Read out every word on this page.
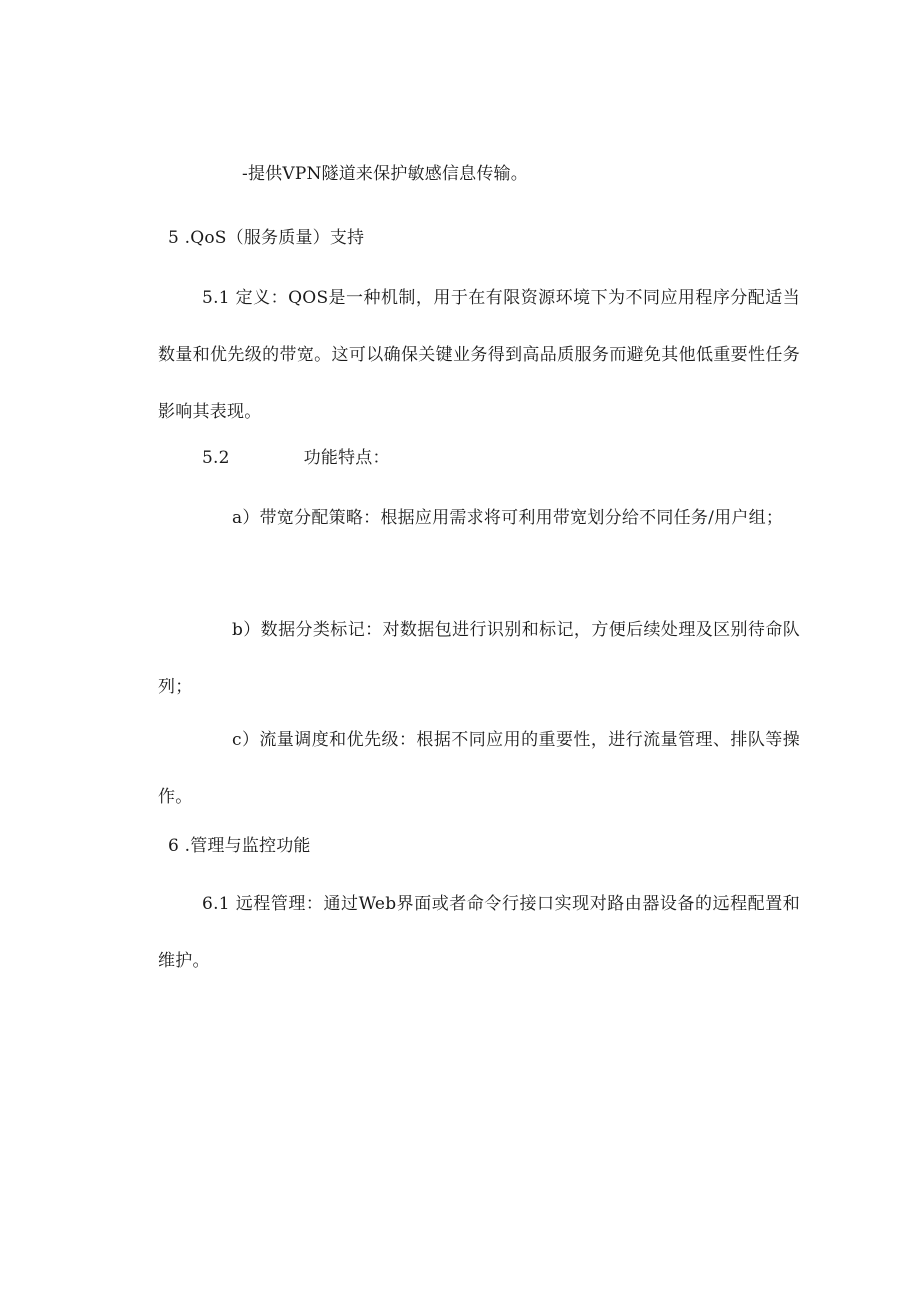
-提供VPN隧道来保护敏感信息传输。
5 .QoS（服务质量）支持
5.1 定义：QOS是一种机制，用于在有限资源环境下为不同应用程序分配适当数量和优先级的带宽。这可以确保关键业务得到高品质服务而避免其他低重要性任务影响其表现。
5.2	功能特点：
a）带宽分配策略：根据应用需求将可利用带宽划分给不同任务/用户组；
b）数据分类标记：对数据包进行识别和标记，方便后续处理及区别待命队列；
c）流量调度和优先级：根据不同应用的重要性，进行流量管理、排队等操作。
6 .管理与监控功能
6.1 远程管理：通过Web界面或者命令行接口实现对路由器设备的远程配置和维护。
